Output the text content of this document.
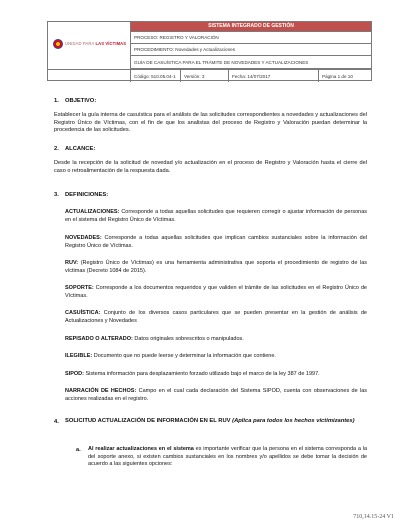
UNIDAD PARA LAS VÍCTIMAS
SISTEMA INTEGRADO DE GESTIÓN
PROCESO: REGISTRO Y VALORACIÓN
PROCEDIMIENTO: Novedades y Actualizaciones
GUÍA DE CASUÍSTICA PARA EL TRÁMITE DE NOVEDADES Y ACTUALIZACIONES
Código: 510.05.04-1	Versión: 3	Fecha: 14/07/2017	Página 1 de 10
1. OBJETIVO:
Establecer la guía interna de casuística para el análisis de las solicitudes correspondientes a novedades y actualizaciones del Registro Único de Víctimas, con el fin de que los analistas del proceso de Registro y Valoración puedan determinar la procedencia de las solicitudes.
2. ALCANCE:
Desde la recepción de la solicitud de novedad y/o actualización en el proceso de Registro y Valoración hasta el cierre del caso o retroalimentación de la respuesta dada.
3. DEFINICIONES:
ACTUALIZACIONES: Corresponde a todas aquellas solicitudes que requieren corregir o ajustar información de personas en el sistema del Registro Único de Víctimas.
NOVEDADES: Corresponde a todas aquellas solicitudes que implican cambios sustanciales sobre la información del Registro Único de Víctimas.
RUV: (Registro Único de Víctimas) es una herramienta administrativa que soporta el procedimiento de registro de las víctimas (Decreto 1084 de 2015).
SOPORTE: Corresponde a los documentos requeridos y que validen el trámite de las solicitudes en el Registro Único de Víctimas.
CASUÍSTICA: Conjunto de los diversos casos particulares que se pueden presentar en la gestión de análisis de Actualizaciones y Novedades
REPISADO O ALTERADO: Datos originales sobrescritos o manipulados.
ILEGIBLE: Documento que no puede leerse y determinar la información que contiene.
SIPOD: Sistema información para desplazamiento forzado utilizado bajo el marco de la ley 387 de 1997.
NARRACIÓN DE HECHOS: Campo en el cual cada declaración del Sistema SIPOD, cuenta con observaciones de las acciones realizadas en el registro.
4. SOLICITUD ACTUALIZACIÓN DE INFORMACIÓN EN EL RUV (Aplica para todos los hechos victimizantes)
a. Al realizar actualizaciones en el sistema es importante verificar que la persona en el sistema corresponda a la del soporte anexo, si existen cambios sustanciales en los nombres y/o apellidos se debe tomar la decisión de acuerdo a las siguientes opciones:
710,14.15-24 V1
